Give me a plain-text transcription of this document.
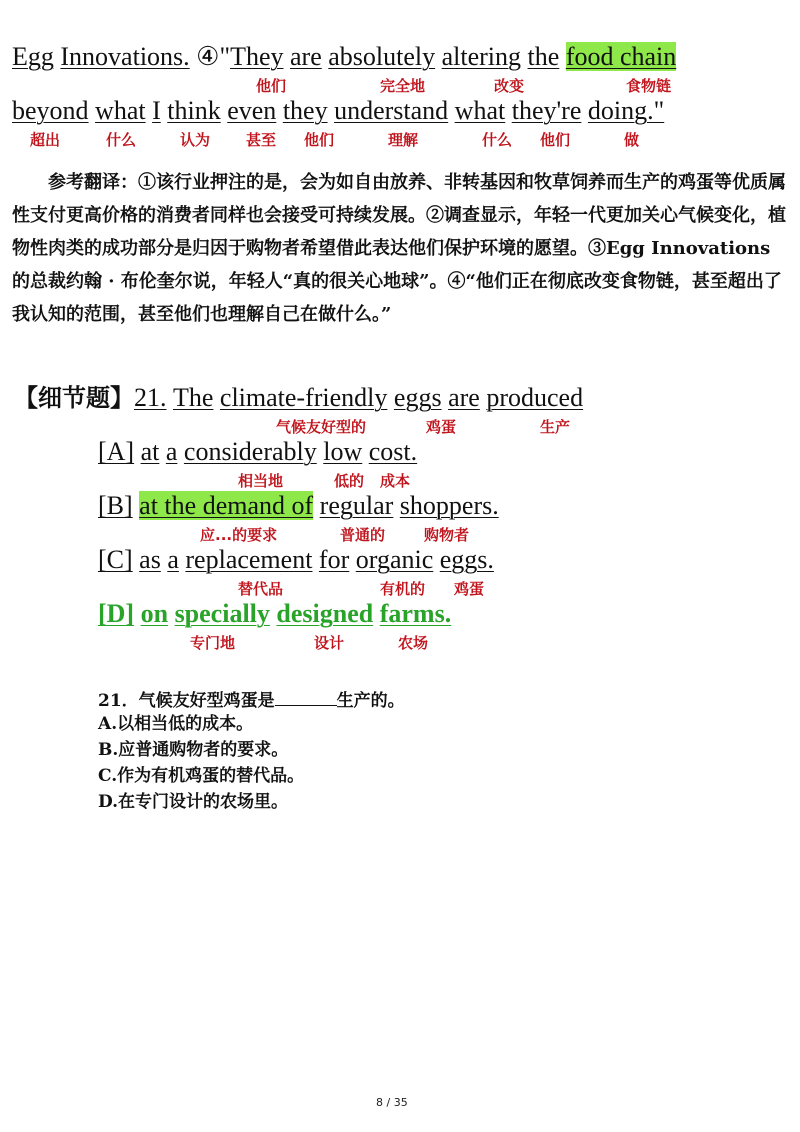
Egg Innovations. ④"They are absolutely altering the food chain
他们	完全地	改变	食物链
beyond what I think even they understand what they're doing."
超出	什么	认为 甚至 他们	理解	什么 他们	做
参考翻译：①该行业押注的是，会为如自由放养、非转基因和牧草饲养而生产的鸡蛋等优质属性支付更高价格的消费者同样也会接受可持续发展。②调查显示，年轻一代更加关心气候变化，植物性肉类的成功部分是归因于购物者希望借此表达他们保护环境的愿望。③Egg Innovations 的总裁约翰 · 布伦奎尔说，年轻人“真的很关心地球”。④“他们正在彻底改变食物链，甚至超出了我认知的范围，甚至他们也理解自己在做什么。”
【细节题】21. The climate-friendly eggs are produced
气候友好型的	鸡蛋	生产
[A] at a considerably low cost.
相当地	低的 成本
[B] at the demand of regular shoppers.
应...的要求	普通的	购物者
[C] as a replacement for organic eggs.
替代品	有机的 鸡蛋
[D] on specially designed farms.
专门地	设计	农场
21．气候友好型鸡蛋是	生产的。
A.以相当低的成本。
B.应普通购物者的要求。
C.作为有机鸡蛋的替代品。
D.在专门设计的农场里。
8 / 35
